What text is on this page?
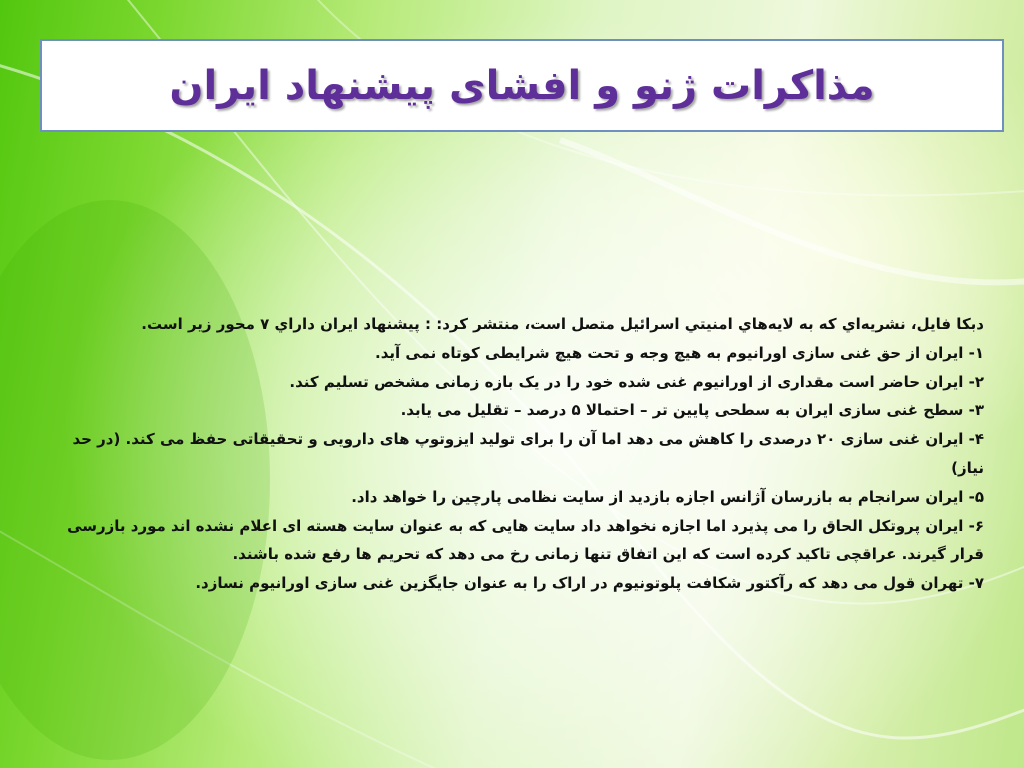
مذاکرات ژنو و افشای پیشنهاد ایران

دبكا فايل، نشريه‌اي كه به لايه‌هاي امنيتي اسرائيل متصل است، منتشر كرد: : پيشنهاد ايران داراي ۷ محور زير است.

۱- ایران از حق غنی سازی اورانیوم به هیچ وجه و تحت هیچ شرایطی کوتاه نمی آید.

۲- ایران حاضر است مقداری از اورانیوم غنی شده خود را در یک بازه زمانی مشخص تسلیم کند.

۳- سطح غنی سازی ایران به سطحی پایین تر – احتمالا ۵ درصد – تقلیل می یابد.

۴- ایران غنی سازی ۲۰ درصدی را کاهش می دهد اما آن را برای تولید ایزوتوپ های دارویی و تحقیقاتی حفظ می کند. (در حد نیاز)

۵- ایران سرانجام به بازرسان آژانس اجازه بازدید از سایت نظامی پارچین را خواهد داد.

۶- ایران پروتکل الحاق را می پذیرد اما اجازه نخواهد داد سایت هایی که به عنوان سایت هسته ای اعلام نشده اند مورد بازرسی قرار گیرند. عراقچی تاکید کرده است که این اتفاق تنها زمانی رخ می دهد که تحریم ها رفع شده باشند.

۷- تهران قول می دهد که رآکتور شکافت پلوتونیوم در اراک را به عنوان جایگزین غنی سازی اورانیوم نسازد.
